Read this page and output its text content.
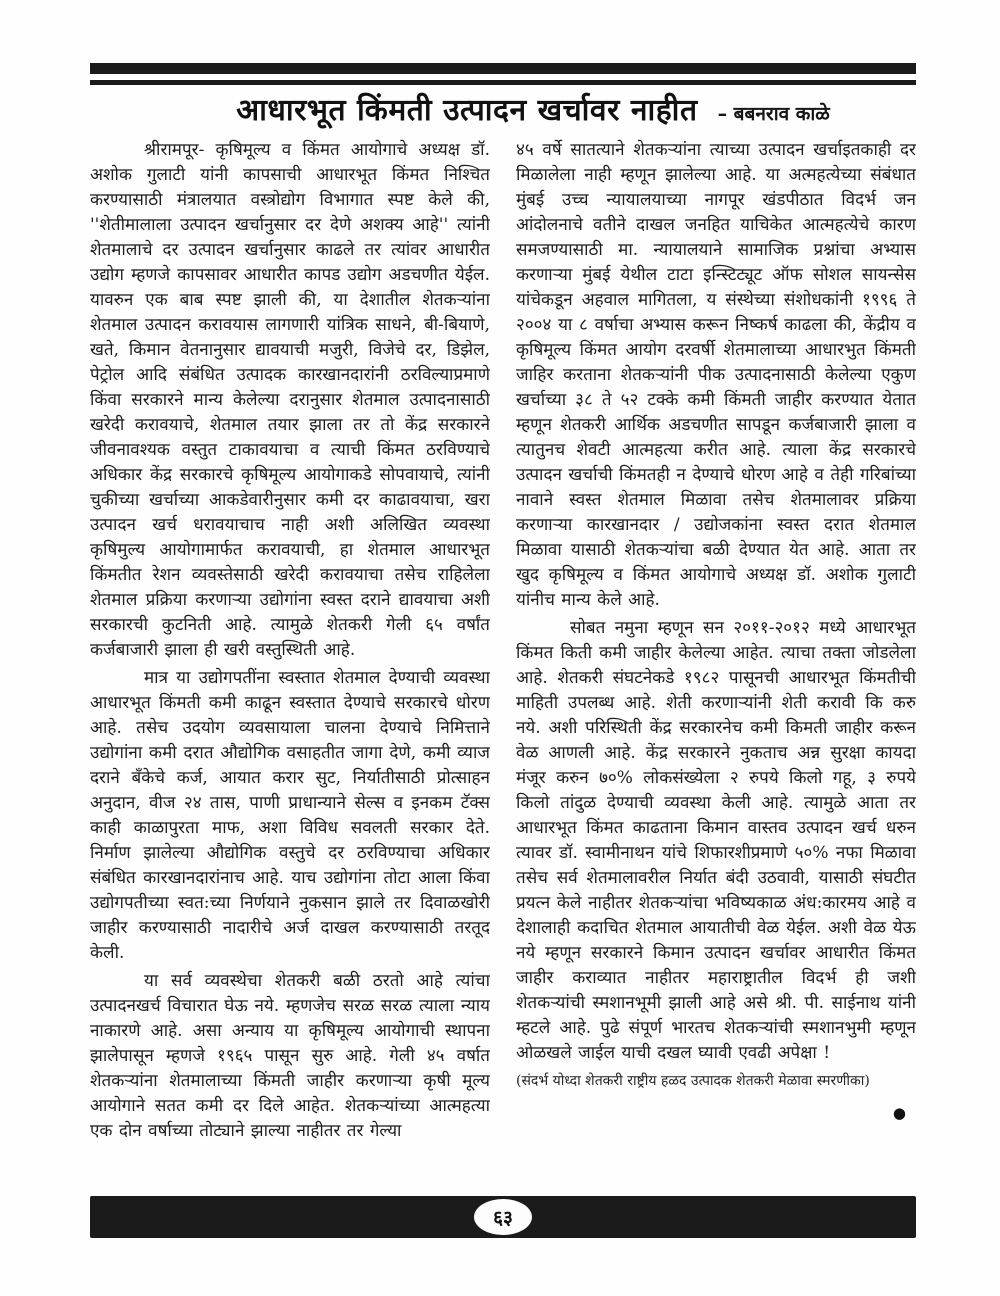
आधारभूत किंमती उत्पादन खर्चावर नाहीत – बबनराव काळे

श्रीरामपूर- कृषिमूल्य व किंमत आयोगाचे अध्यक्ष डॉ. अशोक गुलाटी यांनी कापसाची आधारभूत किंमत निश्चित करण्यासाठी मंत्रालयात वस्त्रोद्योग विभागात स्पष्ट केले की, ''शेतीमालाला उत्पादन खर्चानुसार दर देणे अशक्य आहे'' त्यांनी शेतमालाचे दर उत्पादन खर्चानुसार काढले तर त्यांवर आधारीत उद्योग म्हणजे कापसावर आधारीत कापड उद्योग अडचणीत येईल. यावरुन एक बाब स्पष्ट झाली की, या देशातील शेतकऱ्यांना शेतमाल उत्पादन करावयास लागणारी यांत्रिक साधने, बी-बियाणे, खते, किमान वेतनानुसार द्यावयाची मजुरी, विजेचे दर, डिझेल, पेट्रोल आदि संबंधित उत्पादक कारखानदारांनी ठरविल्याप्रमाणे किंवा सरकारने मान्य केलेल्या दरानुसार शेतमाल उत्पादनासाठी खरेदी करावयाचे, शेतमाल तयार झाला तर तो केंद्र सरकारने जीवनावश्यक वस्तुत टाकावयाचा व त्याची किंमत ठरविण्याचे अधिकार केंद्र सरकारचे कृषिमूल्य आयोगाकडे सोपवायाचे, त्यांनी चुकीच्या खर्चाच्या आकडेवारीनुसार कमी दर काढावयाचा, खरा उत्पादन खर्च धरावयाचाच नाही अशी अलिखित व्यवस्था कृषिमुल्य आयोगामार्फत करावयाची, हा शेतमाल आधारभूत किंमतीत रेशन व्यवस्तेसाठी खरेदी करावयाचा तसेच राहिलेला शेतमाल प्रक्रिया करणाऱ्या उद्योगांना स्वस्त दराने द्यावयाचा अशी सरकारची कुटनिती आहे. त्यामुळे शेतकरी गेली ६५ वर्षांत कर्जबाजारी झाला ही खरी वस्तुस्थिती आहे.

मात्र या उद्योगपतींना स्वस्तात शेतमाल देण्याची व्यवस्था आधारभूत किंमती कमी काढून स्वस्तात देण्याचे सरकारचे धोरण आहे. तसेच उदयोग व्यवसायाला चालना देण्याचे निमित्ताने उद्योगांना कमी दरात औद्योगिक वसाहतीत जागा देणे, कमी व्याज दराने बँकेचे कर्ज, आयात करार सुट, निर्यातीसाठी प्रोत्साहन अनुदान, वीज २४ तास, पाणी प्राधान्याने सेल्स व इनकम टॅक्स काही काळापुरता माफ, अशा विविध सवलती सरकार देते. निर्माण झालेल्या औद्योगिक वस्तुचे दर ठरविण्याचा अधिकार संबंधित कारखानदारांनाच आहे. याच उद्योगांना तोटा आला किंवा उद्योगपतीच्या स्वत:च्या निर्णयाने नुकसान झाले तर दिवाळखोरी जाहीर करण्यासाठी नादारीचे अर्ज दाखल करण्यासाठी तरतूद केली.

या सर्व व्यवस्थेचा शेतकरी बळी ठरतो आहे त्यांचा उत्पादनखर्च विचारात घेऊ नये. म्हणजेच सरळ सरळ त्याला न्याय नाकारणे आहे. असा अन्याय या कृषिमूल्य आयोगाची स्थापना झालेपासून म्हणजे १९६५ पासून सुरु आहे. गेली ४५ वर्षात शेतकऱ्यांना शेतमालाच्या किंमती जाहीर करणाऱ्या कृषी मूल्य आयोगाने सतत कमी दर दिले आहेत. शेतकऱ्यांच्या आत्महत्या एक दोन वर्षाच्या तोट्याने झाल्या नाहीतर तर गेल्या

४५ वर्षे सातत्याने शेतकऱ्यांना त्याच्या उत्पादन खर्चाइतकाही दर मिळालेला नाही म्हणून झालेल्या आहे. या अत्महत्येच्या संबंधात मुंबई उच्च न्यायालयाच्या नागपूर खंडपीठात विदर्भ जन आंदोलनाचे वतीने दाखल जनहित याचिकेत आत्महत्येचे कारण समजण्यासाठी मा. न्यायालयाने सामाजिक प्रश्नांचा अभ्यास करणाऱ्या मुंबई येथील टाटा इन्स्टिट्यूट ऑफ सोशल सायन्सेस यांचेकडून अहवाल मागितला, य संस्थेच्या संशोधकांनी १९९६ ते २००४ या ८ वर्षाचा अभ्यास करून निष्कर्ष काढला की, केंद्रीय व कृषिमूल्य किंमत आयोग दरवर्षी शेतमालाच्या आधारभुत किंमती जाहिर करताना शेतकऱ्यांनी पीक उत्पादनासाठी केलेल्या एकुण खर्चाच्या ३८ ते ५२ टक्के कमी किंमती जाहीर करण्यात येतात म्हणून शेतकरी आर्थिक अडचणीत सापडून कर्जबाजारी झाला व त्यातुनच शेवटी आत्महत्या करीत आहे. त्याला केंद्र सरकारचे उत्पादन खर्चाची किंमतही न देण्याचे धोरण आहे व तेही गरिबांच्या नावाने स्वस्त शेतमाल मिळावा तसेच शेतमालावर प्रक्रिया करणाऱ्या कारखानदार / उद्योजकांना स्वस्त दरात शेतमाल मिळावा यासाठी शेतकऱ्यांचा बळी देण्यात येत आहे. आता तर खुद कृषिमूल्य व किंमत आयोगाचे अध्यक्ष डॉ. अशोक गुलाटी यांनीच मान्य केले आहे.

सोबत नमुना म्हणून सन २०११-२०१२ मध्ये आधारभूत किंमत किती कमी जाहीर केलेल्या आहेत. त्याचा तक्ता जोडलेला आहे. शेतकरी संघटनेकडे १९८२ पासूनची आधारभूत किंमतीची माहिती उपलब्ध आहे. शेती करणाऱ्यांनी शेती करावी कि करु नये. अशी परिस्थिती केंद्र सरकारनेच कमी किमती जाहीर करून वेळ आणली आहे. केंद्र सरकारने नुकताच अन्न सुरक्षा कायदा मंजूर करुन ७०% लोकसंख्येला २ रुपये किलो गहू, ३ रुपये किलो तांदुळ देण्याची व्यवस्था केली आहे. त्यामुळे आता तर आधारभूत किंमत काढताना किमान वास्तव उत्पादन खर्च धरुन त्यावर डॉ. स्वामीनाथन यांचे शिफारशीप्रमाणे ५०% नफा मिळावा तसेच सर्व शेतमालावरील निर्यात बंदी उठवावी, यासाठी संघटीत प्रयत्न केले नाहीतर शेतकऱ्यांचा भविष्यकाळ अंध:कारमय आहे व देशालाही कदाचित शेतमाल आयातीची वेळ येईल. अशी वेळ येऊ नये म्हणून सरकारने किमान उत्पादन खर्चावर आधारीत किंमत जाहीर कराव्यात नाहीतर महाराष्ट्रातील विदर्भ ही जशी शेतकऱ्यांची स्मशानभूमी झाली आहे असे श्री. पी. साईनाथ यांनी म्हटले आहे. पुढे संपूर्ण भारतच शेतकऱ्यांची स्मशानभुमी म्हणून ओळखले जाईल याची दखल घ्यावी एवढी अपेक्षा !

(संदर्भ योध्दा शेतकरी राष्ट्रीय हळद उत्पादक शेतकरी मेळावा स्मरणीका)

●
६३
